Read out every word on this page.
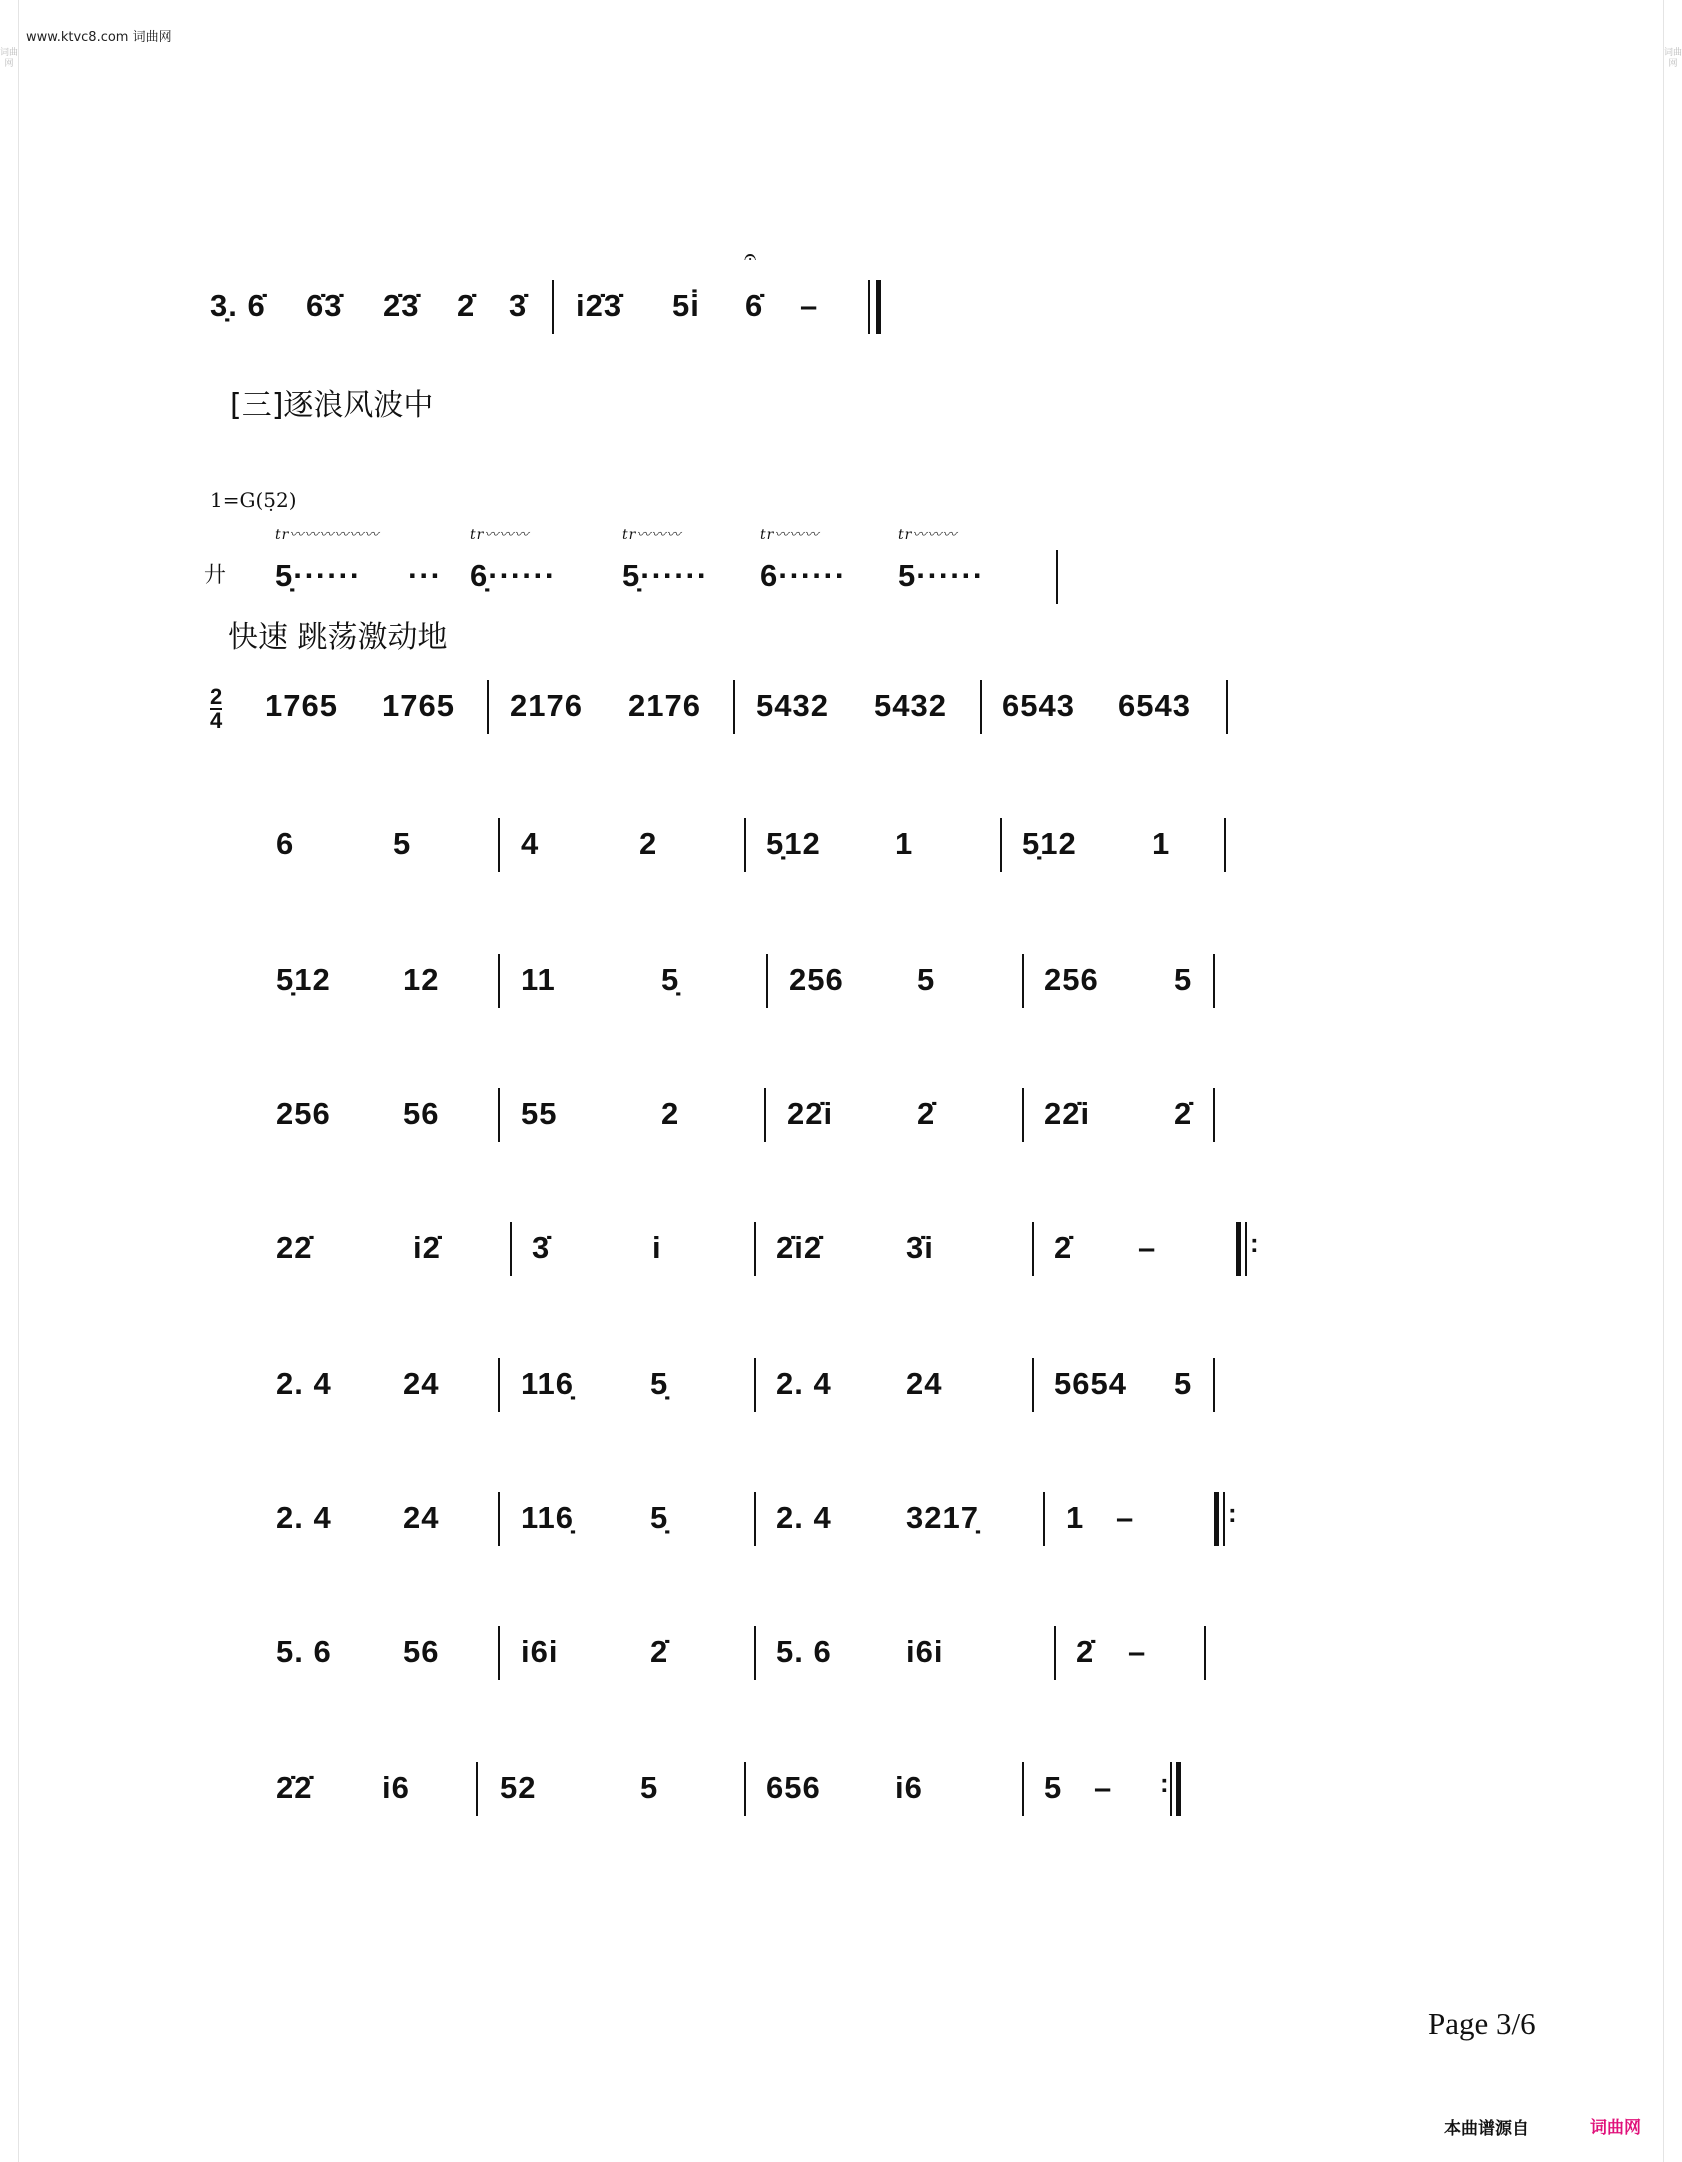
词曲网
词曲网
www.ktvc8.com 词曲网
3̣. 6̇ 6̇3̇ 2̇3̇ 2̇ 3̇ i2̇3̇ 5i̇ 6̇
𝄐
–
[三]逐浪风波中
1=G(5̣2)
廾
tr〰〰〰〰〰〰
5̣······ ···
tr〰〰〰
6̣······
tr〰〰〰
5̣······
tr〰〰〰
6······
tr〰〰〰
5······
快速 跳荡激动地
2
4 1765 1765 2176 2176 5432 5432 6543 6543
6	5	4	2	5̣12 1	5̣12 1
5̣12 12	11	5̣	256 5	256 5
256 56	55	2	22̇i	2̇	22̇i	2̇
22̇	i2̇	3̇	i	2̇i2̇	3̇i	2̇ –	:
2. 4 24	116̣ 5̣	2. 4 24	5654 5
2. 4 24	116̣ 5̣	2. 4 3217̣	1 –	:
5. 6 56	i6i	2̇	5. 6 i6i	2̇ –
2̇2̇ i6	52	5	656 i6	5 – :
Page 3/6
本曲谱源自	词曲网
